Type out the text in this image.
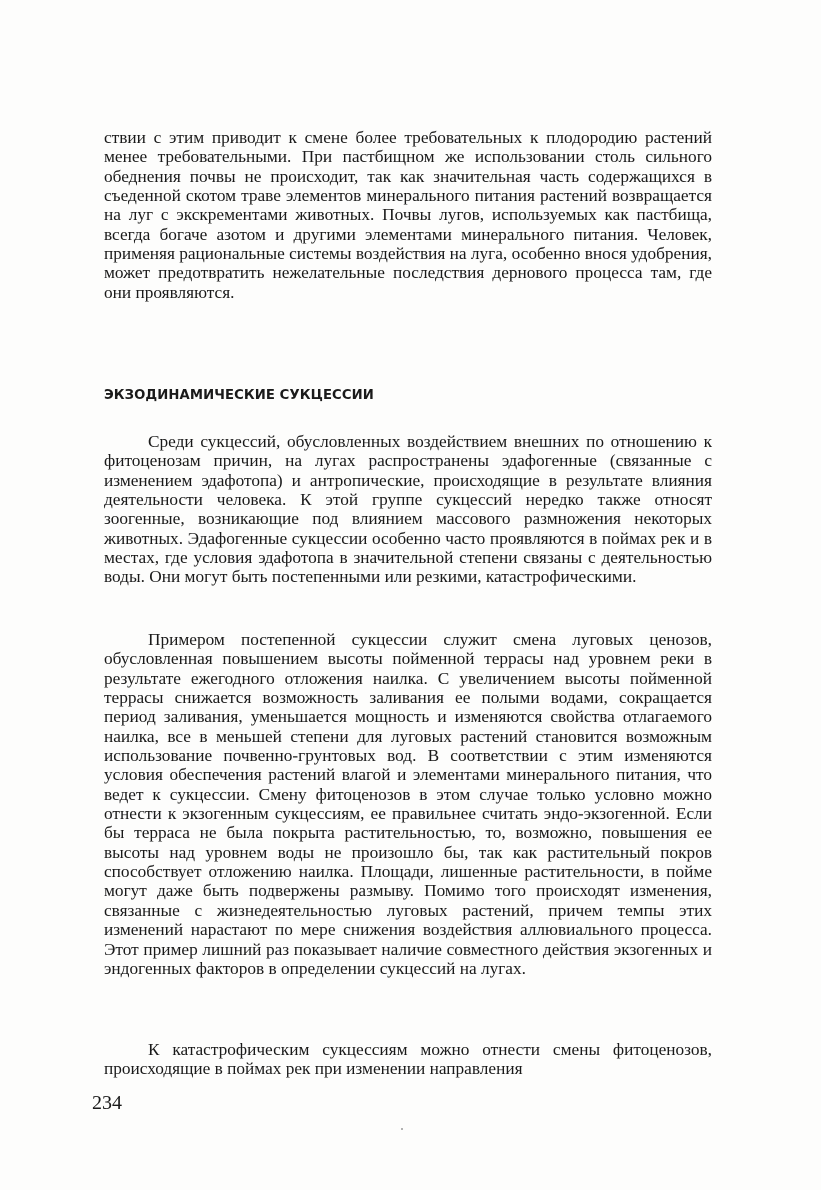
ствии с этим приводит к смене более требовательных к плодородию растений менее требовательными. При пастбищном же использовании столь сильного обеднения почвы не происходит, так как значительная часть содержащихся в съеденной скотом траве элементов минерального питания растений возвращается на луг с экскрементами животных. Почвы лугов, используемых как пастбища, всегда богаче азотом и другими элементами минерального питания. Человек, применяя рациональные системы воздействия на луга, особенно внося удобрения, может предотвратить нежелательные последствия дернового процесса там, где они проявляются.

ЭКЗОДИНАМИЧЕСКИЕ СУКЦЕССИИ

Среди сукцессий, обусловленных воздействием внешних по отношению к фитоценозам причин, на лугах распространены эдафогенные (связанные с изменением эдафотопа) и антропические, происходящие в результате влияния деятельности человека. К этой группе сукцессий нередко также относят зоогенные, возникающие под влиянием массового размножения некоторых животных. Эдафогенные сукцессии особенно часто проявляются в поймах рек и в местах, где условия эдафотопа в значительной степени связаны с деятельностью воды. Они могут быть постепенными или резкими, катастрофическими.

Примером постепенной сукцессии служит смена луговых ценозов, обусловленная повышением высоты пойменной террасы над уровнем реки в результате ежегодного отложения наилка. С увеличением высоты пойменной террасы снижается возможность заливания ее полыми водами, сокращается период заливания, уменьшается мощность и изменяются свойства отлагаемого наилка, все в меньшей степени для луговых растений становится возможным использование почвенно-грунтовых вод. В соответствии с этим изменяются условия обеспечения растений влагой и элементами минерального питания, что ведет к сукцессии. Смену фитоценозов в этом случае только условно можно отнести к экзогенным сукцессиям, ее правильнее считать эндо-экзогенной. Если бы терраса не была покрыта растительностью, то, возможно, повышения ее высоты над уровнем воды не произошло бы, так как растительный покров способствует отложению наилка. Площади, лишенные растительности, в пойме могут даже быть подвержены размыву. Помимо того происходят изменения, связанные с жизнедеятельностью луговых растений, причем темпы этих изменений нарастают по мере снижения воздействия аллювиального процесса. Этот пример лишний раз показывает наличие совместного действия экзогенных и эндогенных факторов в определении сукцессий на лугах.

К катастрофическим сукцессиям можно отнести смены фитоценозов, происходящие в поймах рек при изменении направления

234
